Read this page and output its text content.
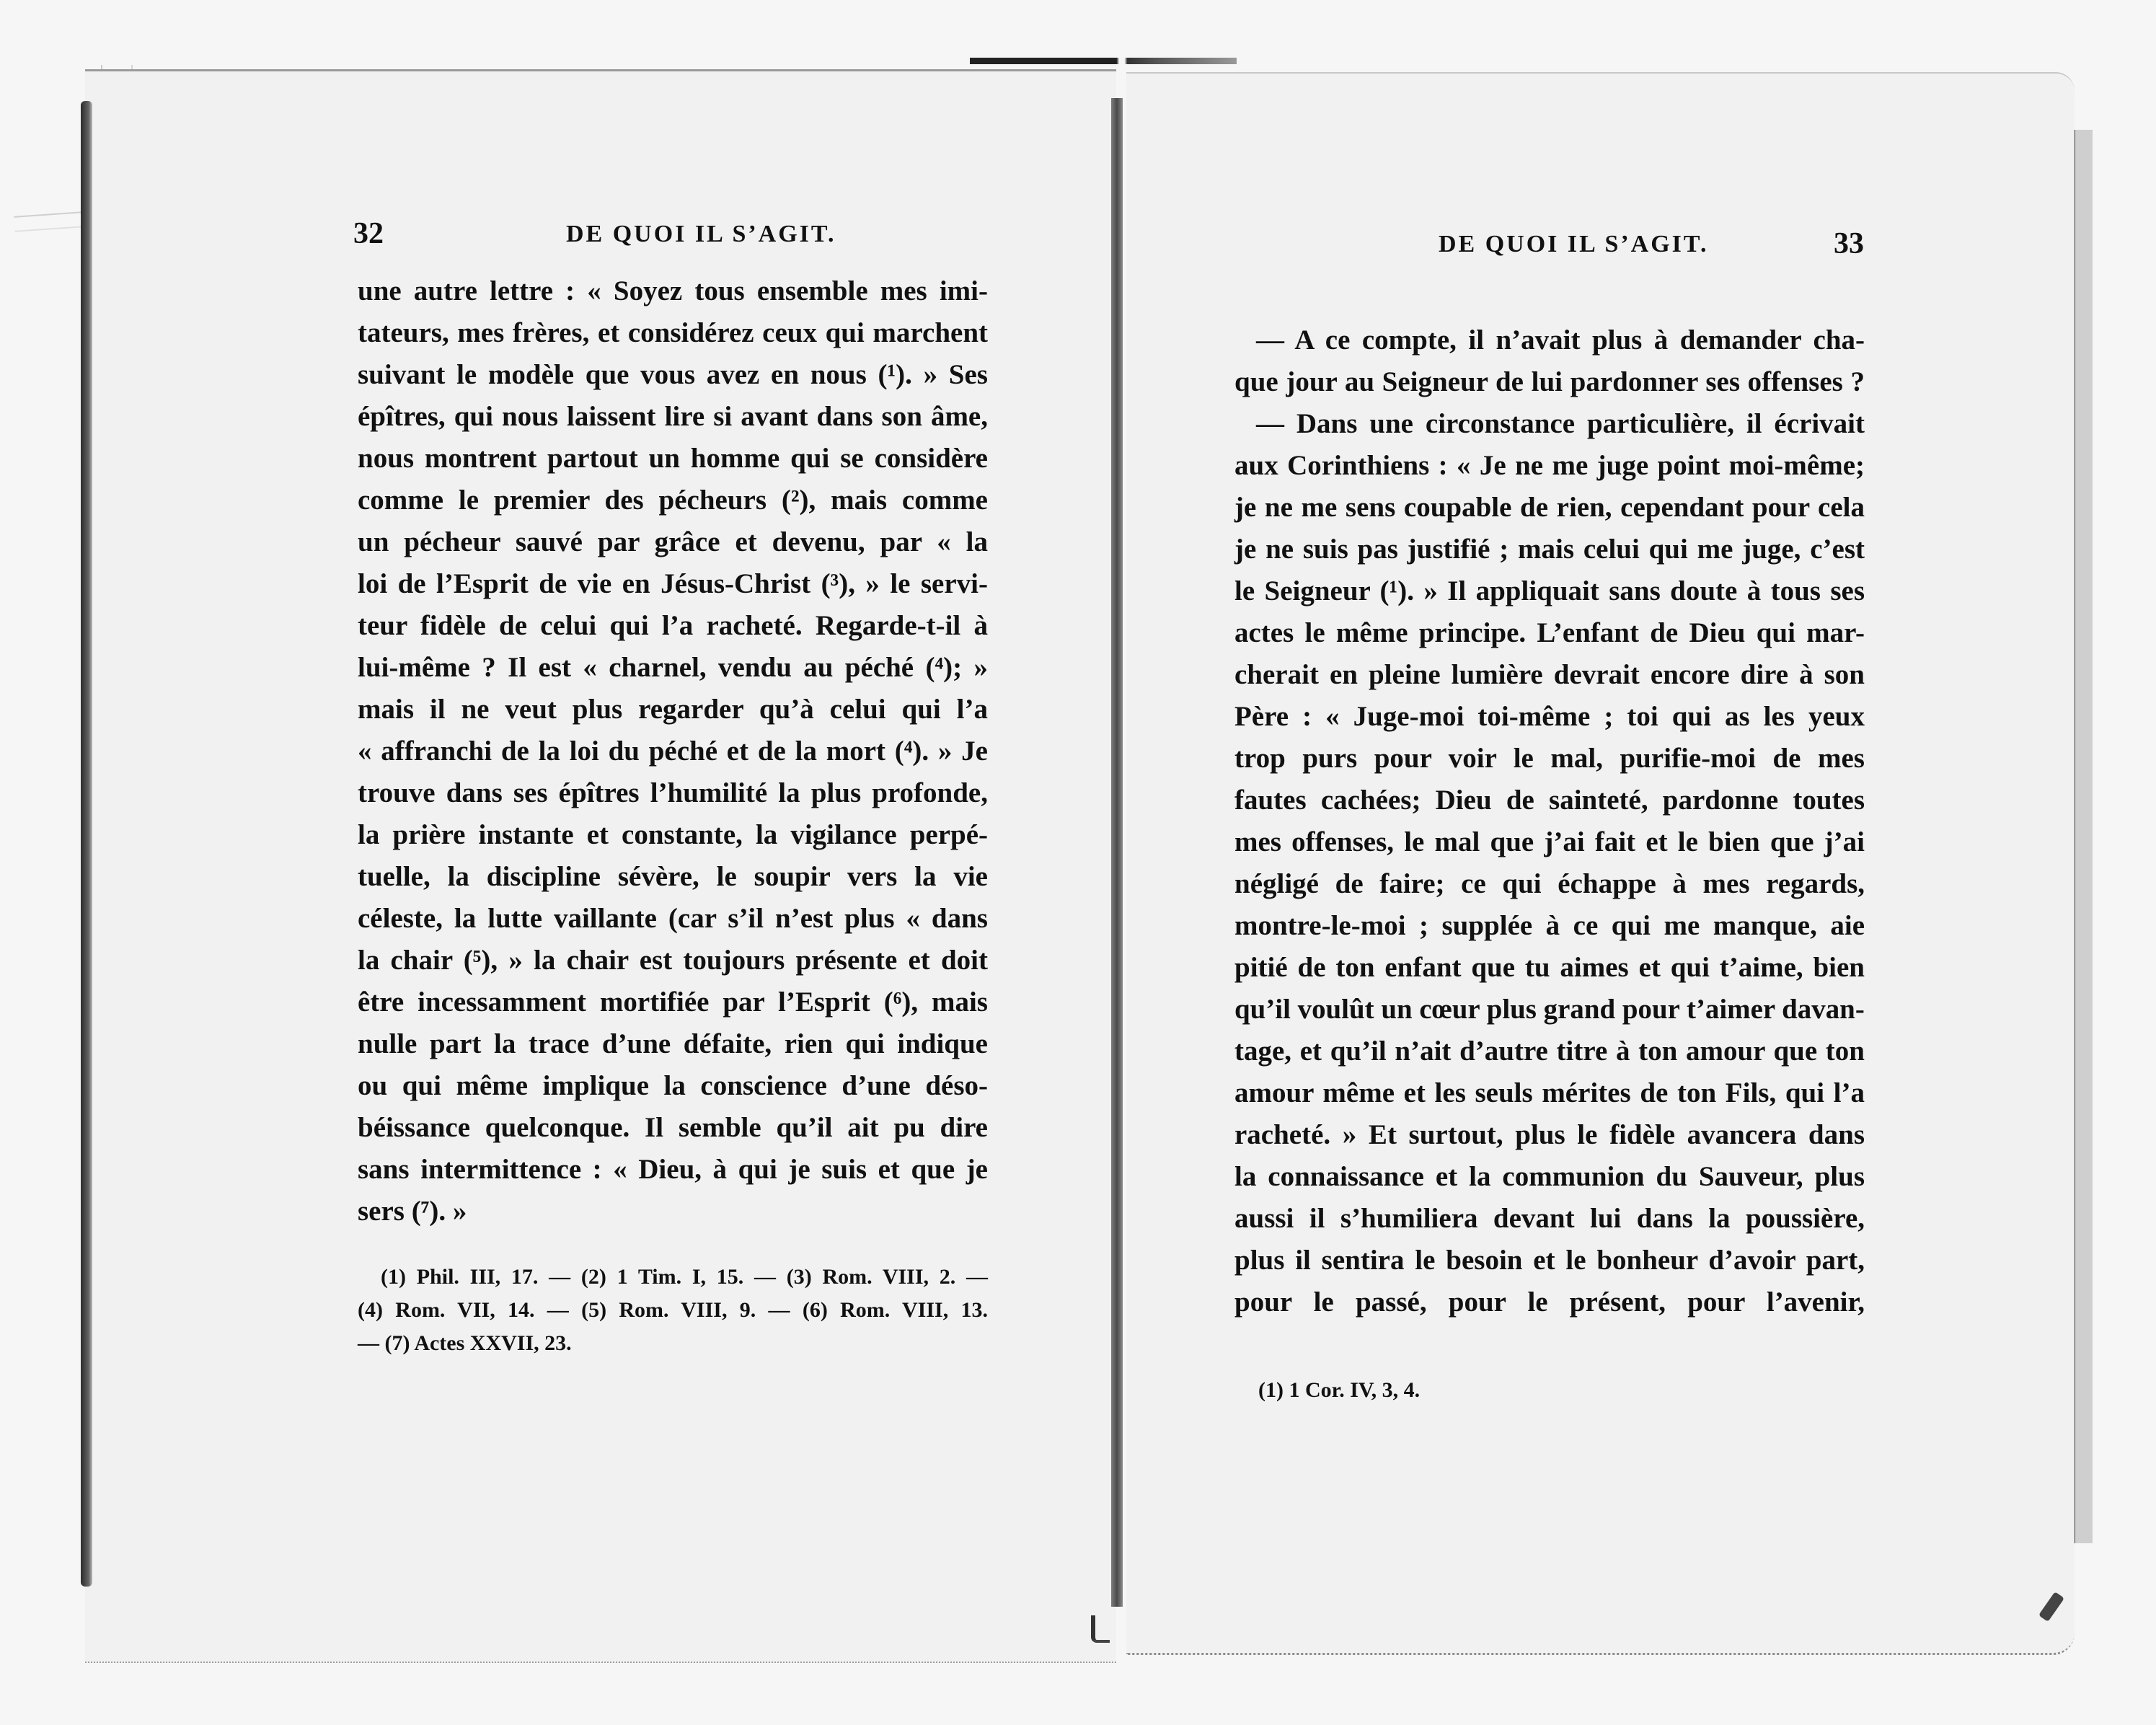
32	DE QUOI IL S’AGIT.
une autre lettre : « Soyez tous ensemble mes imi-
tateurs, mes frères, et considérez ceux qui marchent
suivant le modèle que vous avez en nous (¹). » Ses
épîtres, qui nous laissent lire si avant dans son âme,
nous montrent partout un homme qui se considère
comme le premier des pécheurs (²), mais comme
un pécheur sauvé par grâce et devenu, par « la
loi de l’Esprit de vie en Jésus-Christ (³), » le servi-
teur fidèle de celui qui l’a racheté. Regarde-t-il à
lui-même ? Il est « charnel, vendu au péché (⁴); »
mais il ne veut plus regarder qu’à celui qui l’a
« affranchi de la loi du péché et de la mort (⁴). » Je
trouve dans ses épîtres l’humilité la plus profonde,
la prière instante et constante, la vigilance perpé-
tuelle, la discipline sévère, le soupir vers la vie
céleste, la lutte vaillante (car s’il n’est plus « dans
la chair (⁵), » la chair est toujours présente et doit
être incessamment mortifiée par l’Esprit (⁶), mais
nulle part la trace d’une défaite, rien qui indique
ou qui même implique la conscience d’une déso-
béissance quelconque. Il semble qu’il ait pu dire
sans intermittence : « Dieu, à qui je suis et que je
sers (⁷). »
(1) Phil. III, 17. — (2) 1 Tim. I, 15. — (3) Rom. VIII, 2. —
(4) Rom. VII, 14. — (5) Rom. VIII, 9. — (6) Rom. VIII, 13.
— (7) Actes XXVII, 23.
DE QUOI IL S’AGIT.	33
— A ce compte, il n’avait plus à demander cha-
que jour au Seigneur de lui pardonner ses offenses ?
— Dans une circonstance particulière, il écrivait
aux Corinthiens : « Je ne me juge point moi-même;
je ne me sens coupable de rien, cependant pour cela
je ne suis pas justifié ; mais celui qui me juge, c’est
le Seigneur (¹). » Il appliquait sans doute à tous ses
actes le même principe. L’enfant de Dieu qui mar-
cherait en pleine lumière devrait encore dire à son
Père : « Juge-moi toi-même ; toi qui as les yeux
trop purs pour voir le mal, purifie-moi de mes
fautes cachées; Dieu de sainteté, pardonne toutes
mes offenses, le mal que j’ai fait et le bien que j’ai
négligé de faire; ce qui échappe à mes regards,
montre-le-moi ; supplée à ce qui me manque, aie
pitié de ton enfant que tu aimes et qui t’aime, bien
qu’il voulût un cœur plus grand pour t’aimer davan-
tage, et qu’il n’ait d’autre titre à ton amour que ton
amour même et les seuls mérites de ton Fils, qui l’a
racheté. » Et surtout, plus le fidèle avancera dans
la connaissance et la communion du Sauveur, plus
aussi il s’humiliera devant lui dans la poussière,
plus il sentira le besoin et le bonheur d’avoir part,
pour le passé, pour le présent, pour l’avenir,
(1) 1 Cor. IV, 3, 4.
